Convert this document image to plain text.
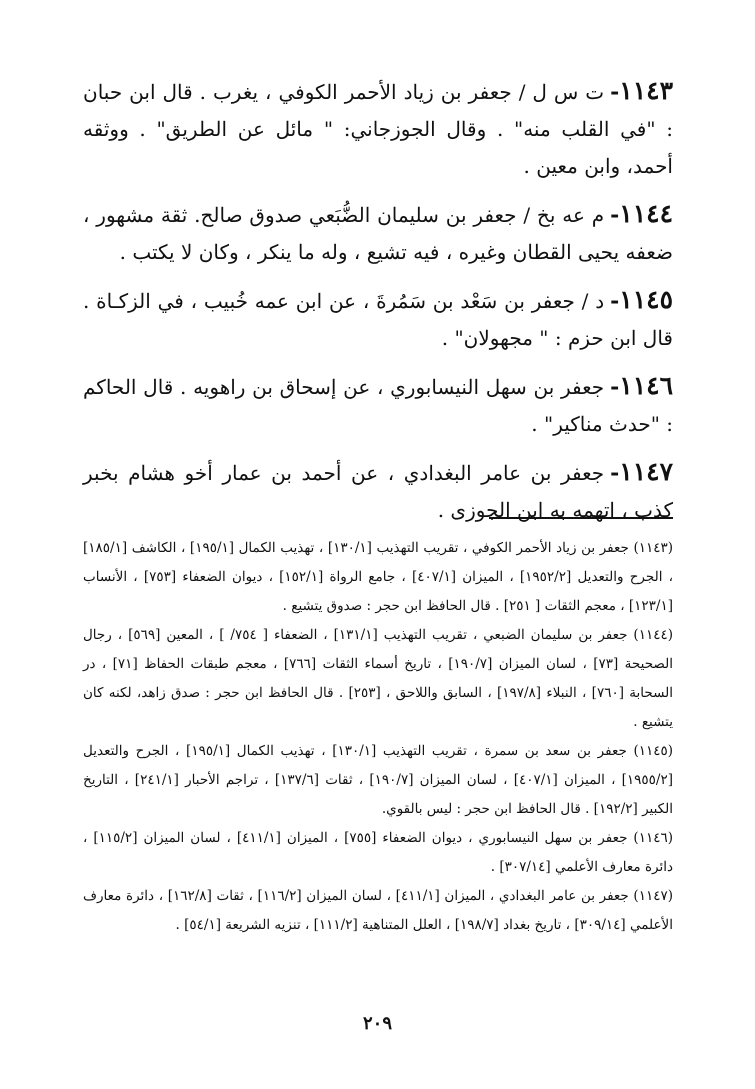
١١٤٣-ت س ل / جعفر بن زياد الأحمر الكوفي ، يغرب . قال ابن حبان : "في القلب منه" . وقال الجوزجاني: " مائل عن الطريق" . ووثقه أحمد، وابن معين .

١١٤٤-م عه بخ / جعفر بن سليمان الضُّبَعي صدوق صالح. ثقة مشهور ، ضعفه يحيى القطان وغيره ، فيه تشيع ، وله ما ينكر ، وكان لا يكتب .

١١٤٥-د / جعفر بن سَعْد بن سَمُرةَ ، عن ابن عمه خُبيب ، في الزكـاة . قال ابن حزم : " مجهولان" .

١١٤٦-جعفر بن سهل النيسابوري ، عن إسحاق بن راهويه . قال الحاكم : "حدث مناكير" .

١١٤٧-جعفر بن عامر البغدادي ، عن أحمد بن عمار أخو هشام بخبر كذب ، اتهمه به ابن الجوزى .

(١١٤٣) جعفر بن زياد الأحمر الكوفي ، تقريب التهذيب [١٣٠/١] ، تهذيب الكمال [١٩٥/١] ، الكاشف [١٨٥/١] ، الجرح والتعديل [١٩٥٢/٢] ، الميزان [٤٠٧/١] ، جامع الرواة [١٥٢/١] ، ديوان الضعفاء [٧٥٣] ، الأنساب [١٢٣/١] ، معجم الثقات [ ٢٥١] . قال الحافظ ابن حجر : صدوق يتشيع .

(١١٤٤) جعفر بن سليمان الضبعي ، تقريب التهذيب [١٣١/١] ، الضعفاء [ ٧٥٤/ ] ، المعين [٥٦٩] ، رجال الصحيحة [٧٣] ، لسان الميزان [١٩٠/٧] ، تاريخ أسماء الثقات [٧٦٦] ، معجم طبقات الحفاظ [٧١] ، در السحابة [٧٦٠] ، النبلاء [١٩٧/٨] ، السابق واللاحق ، [٢٥٣] . قال الحافظ ابن حجر : صدق زاهد، لكنه كان يتشيع .

(١١٤٥) جعفر بن سعد بن سمرة ، تقريب التهذيب [١٣٠/١] ، تهذيب الكمال [١٩٥/١] ، الجرح والتعديل [١٩٥٥/٢] ، الميزان [٤٠٧/١] ، لسان الميزان [١٩٠/٧] ، ثقات [١٣٧/٦] ، تراجم الأحبار [٢٤١/١] ، التاريخ الكبير [١٩٢/٢] . قال الحافظ ابن حجر : ليس بالقوي.

(١١٤٦) جعفر بن سهل النيسابوري ، ديوان الضعفاء [٧٥٥] ، الميزان [٤١١/١] ، لسان الميزان [١١٥/٢] ، دائرة معارف الأعلمي [٣٠٧/١٤] .

(١١٤٧) جعفر بن عامر البغدادي ، الميزان [٤١١/١] ، لسان الميزان [١١٦/٢] ، ثقات [١٦٢/٨] ، دائرة معارف الأعلمي [٣٠٩/١٤] ، تاريخ بغداد [١٩٨/٧] ، العلل المتناهية [١١١/٢] ، تنزيه الشريعة [٥٤/١] .

٢٠٩
